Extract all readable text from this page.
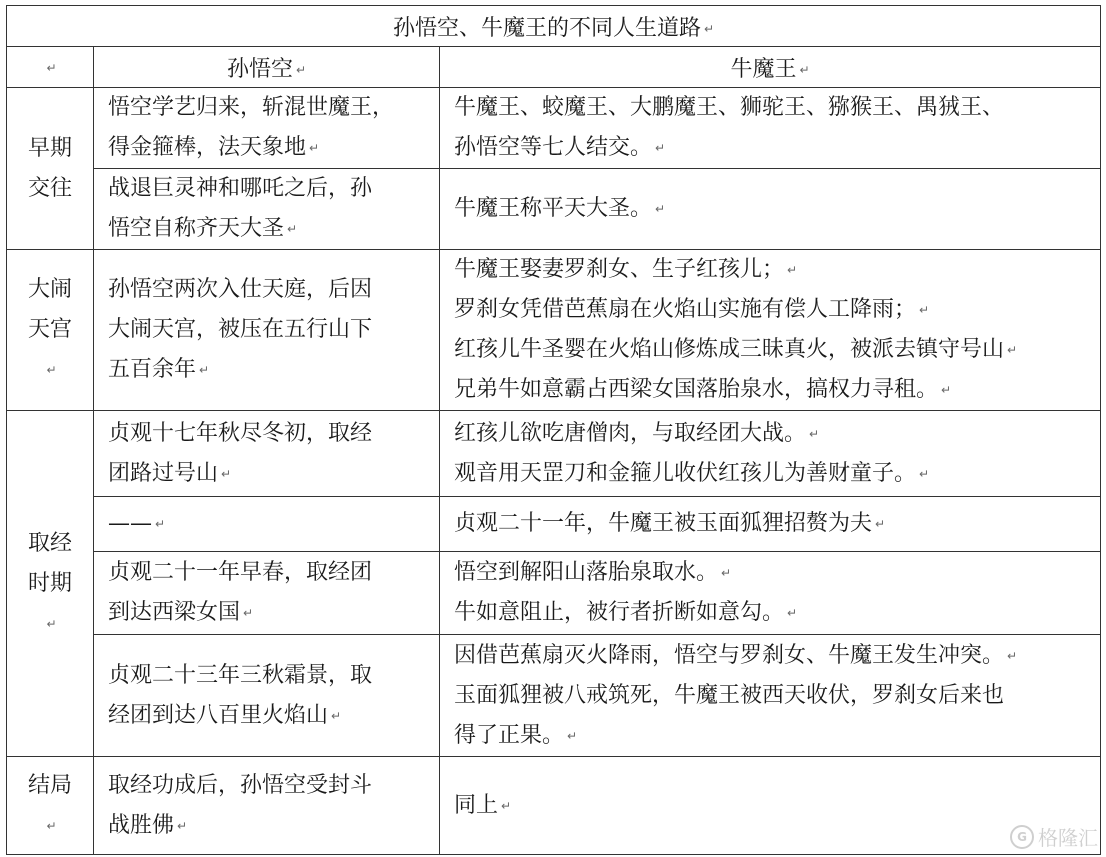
孙悟空、牛魔王的不同人生道路 ↵		
↵	孙悟空 ↵	牛魔王 ↵
早期交往	悟空学艺归来，斩混世魔王，
得金箍棒，法天象地 ↵	牛魔王、蛟魔王、大鹏魔王、狮驼王、猕猴王、禺狨王、
孙悟空等七人结交。 ↵

	战退巨灵神和哪吒之后，孙
悟空自称齐天大圣 ↵	牛魔王称平天大圣。 ↵

大闹天宫↵	孙悟空两次入仕天庭，后因
大闹天宫，被压在五行山下
五百余年 ↵	牛魔王娶妻罗刹女、生子红孩儿； ↵
罗刹女凭借芭蕉扇在火焰山实施有偿人工降雨； ↵
红孩儿牛圣婴在火焰山修炼成三昧真火，被派去镇守号山 ↵
兄弟牛如意霸占西梁女国落胎泉水，搞权力寻租。 ↵

取经时期↵	贞观十七年秋尽冬初，取经
团路过号山 ↵	红孩儿欲吃唐僧肉，与取经团大战。 ↵
观音用天罡刀和金箍儿收伏红孩儿为善财童子。 ↵

	—— ↵	贞观二十一年，牛魔王被玉面狐狸招赘为夫 ↵

	贞观二十一年早春，取经团
到达西梁女国 ↵	悟空到解阳山落胎泉取水。 ↵
牛如意阻止，被行者折断如意勾。 ↵

	贞观二十三年三秋霜景，取
经团到达八百里火焰山 ↵	因借芭蕉扇灭火降雨，悟空与罗刹女、牛魔王发生冲突。 ↵
玉面狐狸被八戒筑死，牛魔王被西天收伏，罗刹女后来也
得了正果。 ↵

结局↵	取经功成后，孙悟空受封斗
战胜佛 ↵	同上 ↵
G 格隆汇
